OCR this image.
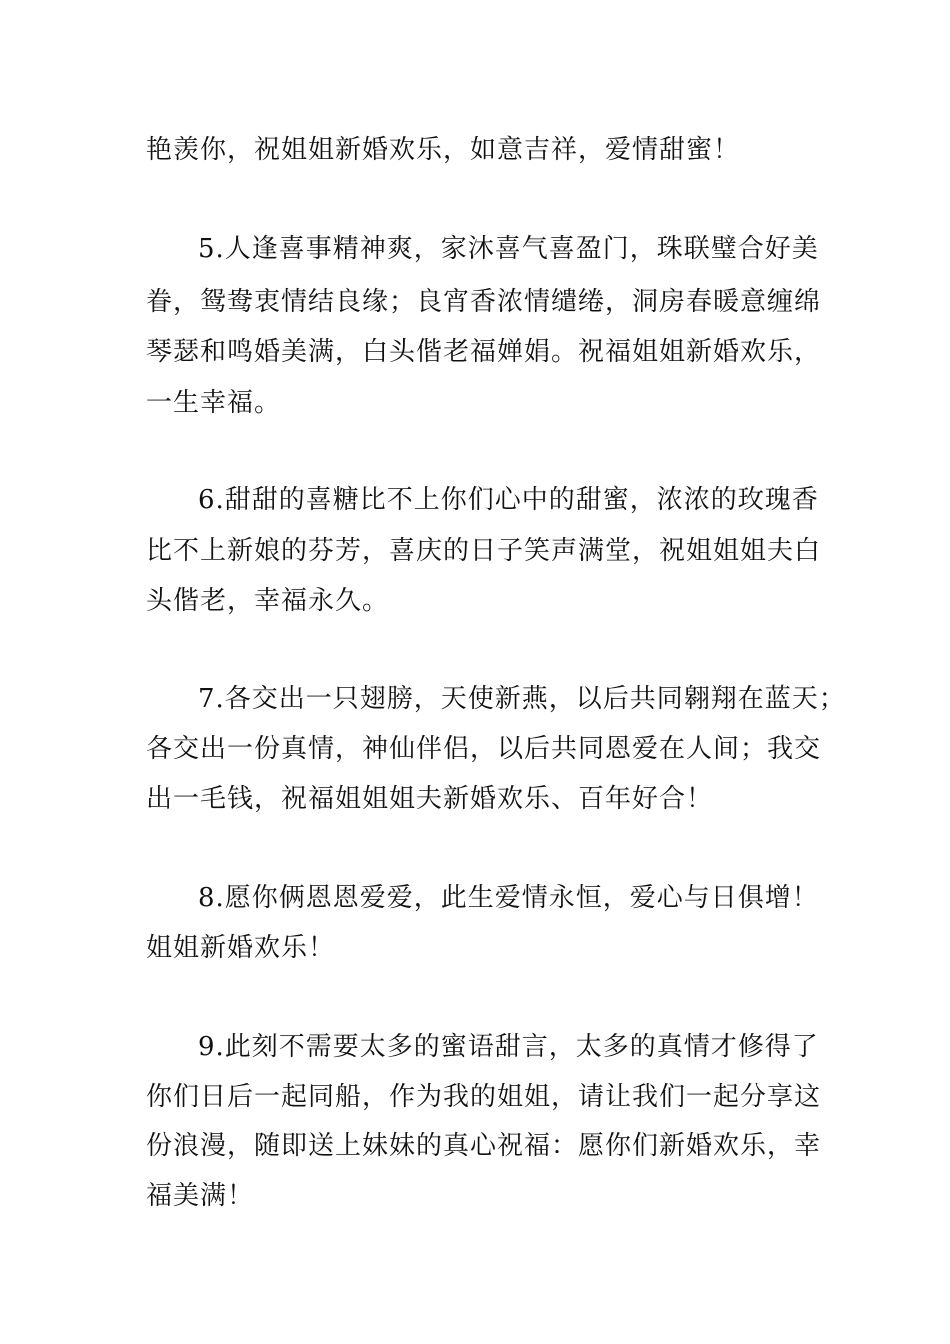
艳羡你，祝姐姐新婚欢乐，如意吉祥，爱情甜蜜！
5.人逢喜事精神爽，家沐喜气喜盈门，珠联璧合好美
眷，鸳鸯衷情结良缘；良宵香浓情缱绻，洞房春暖意缠绵
琴瑟和鸣婚美满，白头偕老福婵娟。祝福姐姐新婚欢乐，
一生幸福。
6.甜甜的喜糖比不上你们心中的甜蜜，浓浓的玫瑰香
比不上新娘的芬芳，喜庆的日子笑声满堂，祝姐姐姐夫白
头偕老，幸福永久。
7.各交出一只翅膀，天使新燕，以后共同翱翔在蓝天；
各交出一份真情，神仙伴侣，以后共同恩爱在人间；我交
出一毛钱，祝福姐姐姐夫新婚欢乐、百年好合！
8.愿你俩恩恩爱爱，此生爱情永恒，爱心与日俱增！
姐姐新婚欢乐！
9.此刻不需要太多的蜜语甜言，太多的真情才修得了
你们日后一起同船，作为我的姐姐，请让我们一起分享这
份浪漫，随即送上妹妹的真心祝福：愿你们新婚欢乐，幸
福美满！
